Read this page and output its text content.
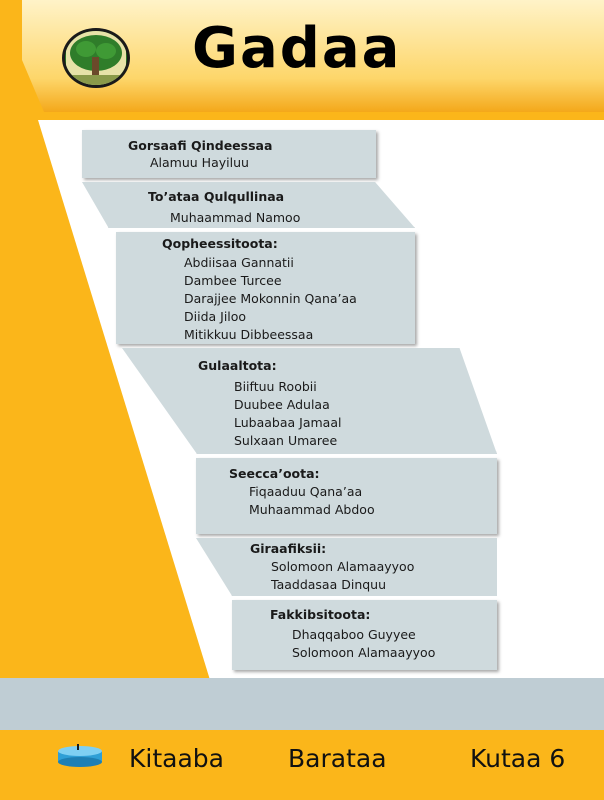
Gadaa
Gorsaafi Qindeessaa
Alamuu Hayiluu
To’ataa Qulqullinaa
Muhaammad Namoo
Qopheessitoota:
Abdiisaa Gannatii
Dambee Turcee
Darajjee Mokonnin Qana’aa
Diida Jiloo
Mitikkuu Dibbeessaa
Gulaaltota:
Biiftuu Roobii
Duubee Adulaa
Lubaabaa Jamaal
Sulxaan Umaree
Seecca’oota:
Fiqaaduu Qana’aa
Muhaammad Abdoo
Giraafiksii:
Solomoon Alamaayyoo
Taaddasaa Dinquu
Fakkibsitoota:
Dhaqqaboo Guyyee
Solomoon Alamaayyoo
Kitaaba	Barataa	Kutaa 6
